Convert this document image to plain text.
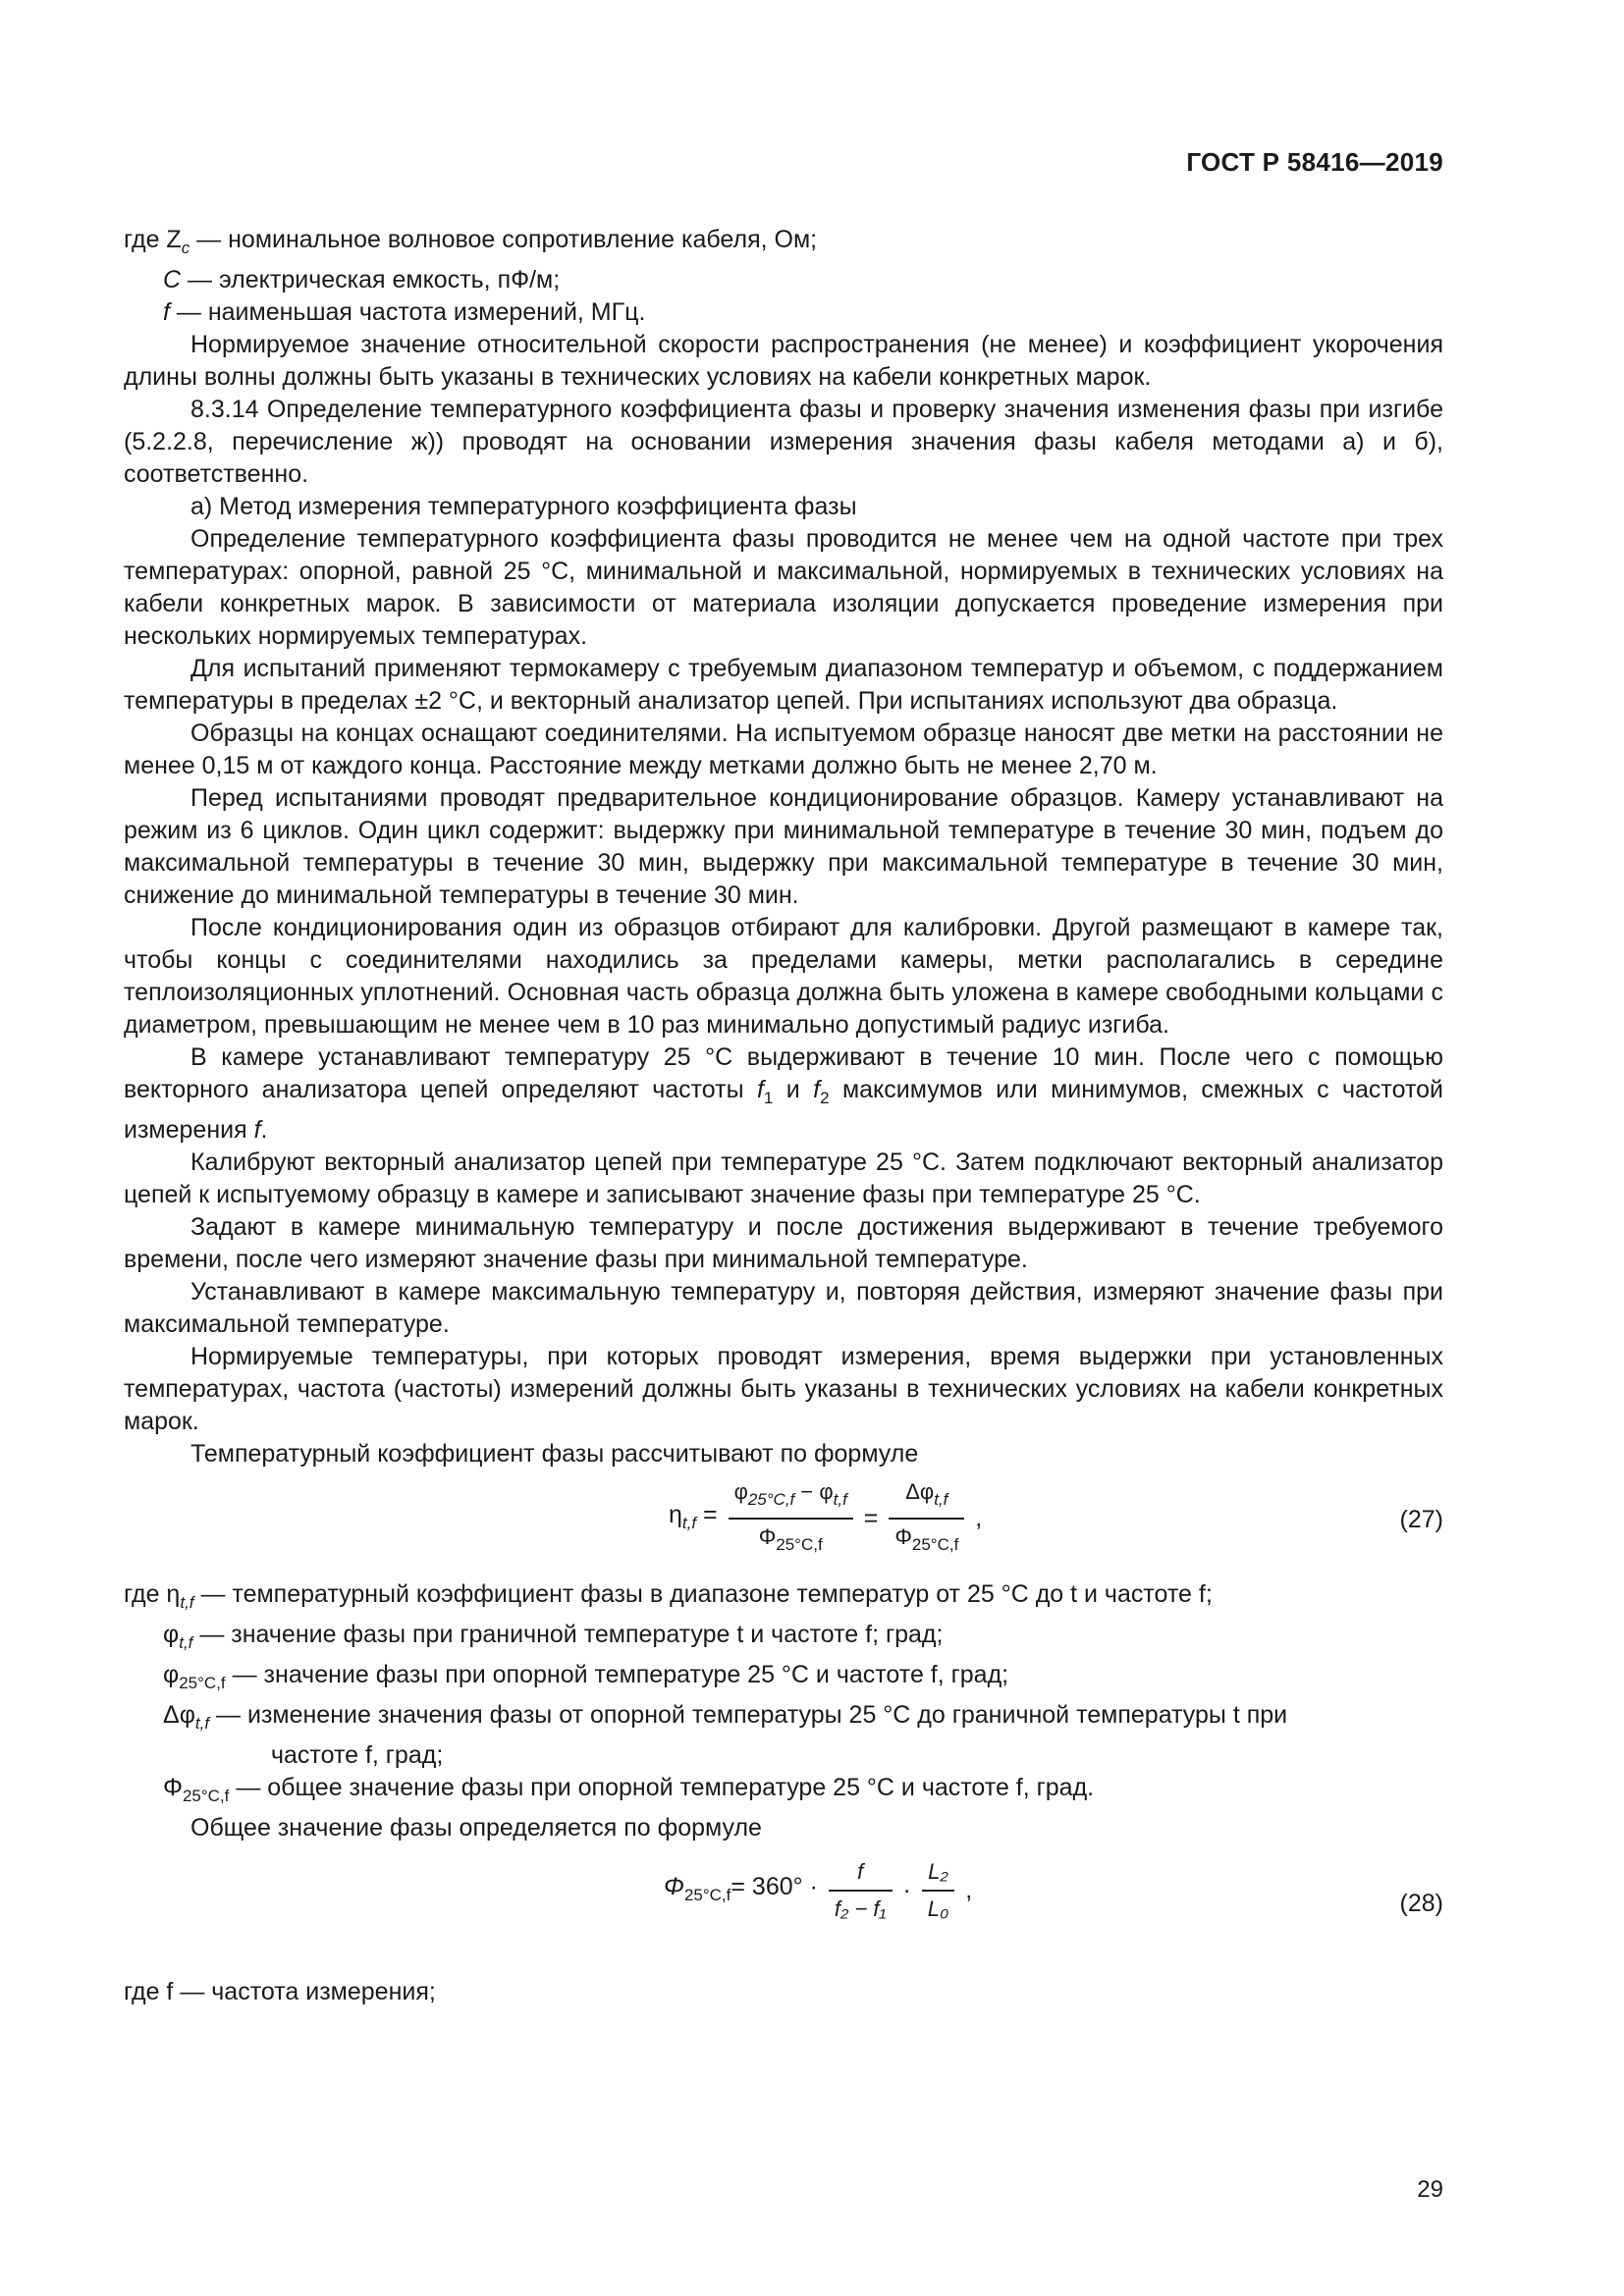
ГОСТ Р 58416—2019

где $Z_c$ — номинальное волновое сопротивление кабеля, Ом;

C — электрическая емкость, пФ/м;

f — наименьшая частота измерений, МГц.

Нормируемое значение относительной скорости распространения (не менее) и коэффициент укорочения длины волны должны быть указаны в технических условиях на кабели конкретных марок.

8.3.14 Определение температурного коэффициента фазы и проверку значения изменения фазы при изгибе (5.2.2.8, перечисление ж)) проводят на основании измерения значения фазы кабеля методами а) и б), соответственно.

а) Метод измерения температурного коэффициента фазы

Определение температурного коэффициента фазы проводится не менее чем на одной частоте при трех температурах: опорной, равной 25 °С, минимальной и максимальной, нормируемых в технических условиях на кабели конкретных марок. В зависимости от материала изоляции допускается проведение измерения при нескольких нормируемых температурах.

Для испытаний применяют термокамеру с требуемым диапазоном температур и объемом, с поддержанием температуры в пределах ±2 °С, и векторный анализатор цепей. При испытаниях используют два образца.

Образцы на концах оснащают соединителями. На испытуемом образце наносят две метки на расстоянии не менее 0,15 м от каждого конца. Расстояние между метками должно быть не менее 2,70 м.

Перед испытаниями проводят предварительное кондиционирование образцов. Камеру устанавливают на режим из 6 циклов. Один цикл содержит: выдержку при минимальной температуре в течение 30 мин, подъем до максимальной температуры в течение 30 мин, выдержку при максимальной температуре в течение 30 мин, снижение до минимальной температуры в течение 30 мин.

После кондиционирования один из образцов отбирают для калибровки. Другой размещают в камере так, чтобы концы с соединителями находились за пределами камеры, метки располагались в середине теплоизоляционных уплотнений. Основная часть образца должна быть уложена в камере свободными кольцами с диаметром, превышающим не менее чем в 10 раз минимально допустимый радиус изгиба.

В камере устанавливают температуру 25 °С выдерживают в течение 10 мин. После чего с помощью векторного анализатора цепей определяют частоты $f_1$ и $f_2$ максимумов или минимумов, смежных с частотой измерения f.

Калибруют векторный анализатор цепей при температуре 25 °С. Затем подключают векторный анализатор цепей к испытуемому образцу в камере и записывают значение фазы при температуре 25 °С.

Задают в камере минимальную температуру и после достижения выдерживают в течение требуемого времени, после чего измеряют значение фазы при минимальной температуре.

Устанавливают в камере максимальную температуру и, повторяя действия, измеряют значение фазы при максимальной температуре.

Нормируемые температуры, при которых проводят измерения, время выдержки при установленных температурах, частота (частоты) измерений должны быть указаны в технических условиях на кабели конкретных марок.

Температурный коэффициент фазы рассчитывают по формуле

$\eta_{t,f} = \frac{\varphi_{25^\circ C,f} - \varphi_{t,f}}{\Phi_{25^\circ C,f}} = \frac{\Delta\varphi_{t,f}}{\Phi_{25^\circ C,f}}$ ,	(27)

где $\eta_{t,f}$ — температурный коэффициент фазы в диапазоне температур от 25 °С до t и частоте f;

$\varphi_{t,f}$ — значение фазы при граничной температуре t и частоте f; град;

$\varphi_{25^\circ C,f}$ — значение фазы при опорной температуре 25 °С и частоте f, град;

$\Delta\varphi_{t,f}$ — изменение значения фазы от опорной температуры 25 °С до граничной температуры t при

частоте f, град;

$\Phi_{25^\circ C,f}$ — общее значение фазы при опорной температуре 25 °С и частоте f, град.

Общее значение фазы определяется по формуле

$\Phi_{25^\circ C,f}= 360^\circ \cdot \frac{f}{\text{f₂ − f₁}} \cdot \frac{\text{L₂}}{\text{L₀}}$ ,	(28)

где f — частота измерения;

29
